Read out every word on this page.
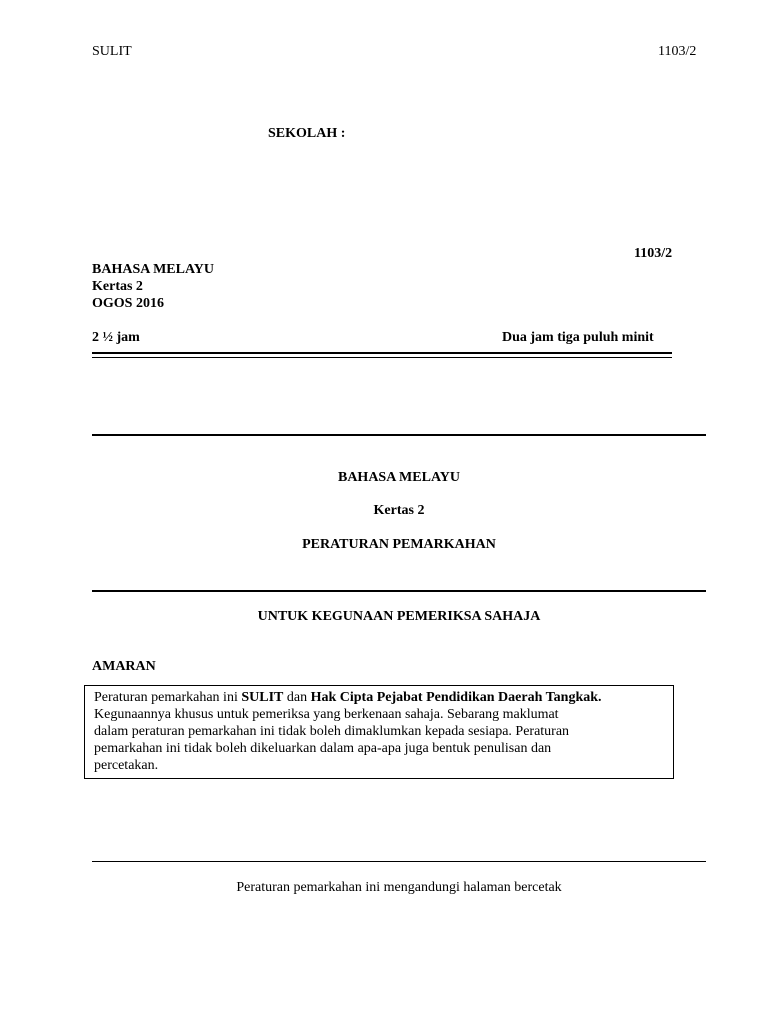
SULIT	1103/2
SEKOLAH :
1103/2
BAHASA MELAYU
Kertas 2
OGOS 2016
2 ½ jam	Dua jam tiga puluh minit
BAHASA MELAYU
Kertas 2
PERATURAN PEMARKAHAN
UNTUK KEGUNAAN PEMERIKSA SAHAJA
AMARAN

Peraturan pemarkahan ini SULIT dan Hak Cipta Pejabat Pendidikan Daerah Tangkak.

Kegunaannya khusus untuk pemeriksa yang berkenaan sahaja. Sebarang maklumat

dalam peraturan pemarkahan ini tidak boleh dimaklumkan kepada sesiapa. Peraturan

pemarkahan ini tidak boleh dikeluarkan dalam apa-apa juga bentuk penulisan dan

percetakan.

Peraturan pemarkahan ini mengandungi halaman bercetak
